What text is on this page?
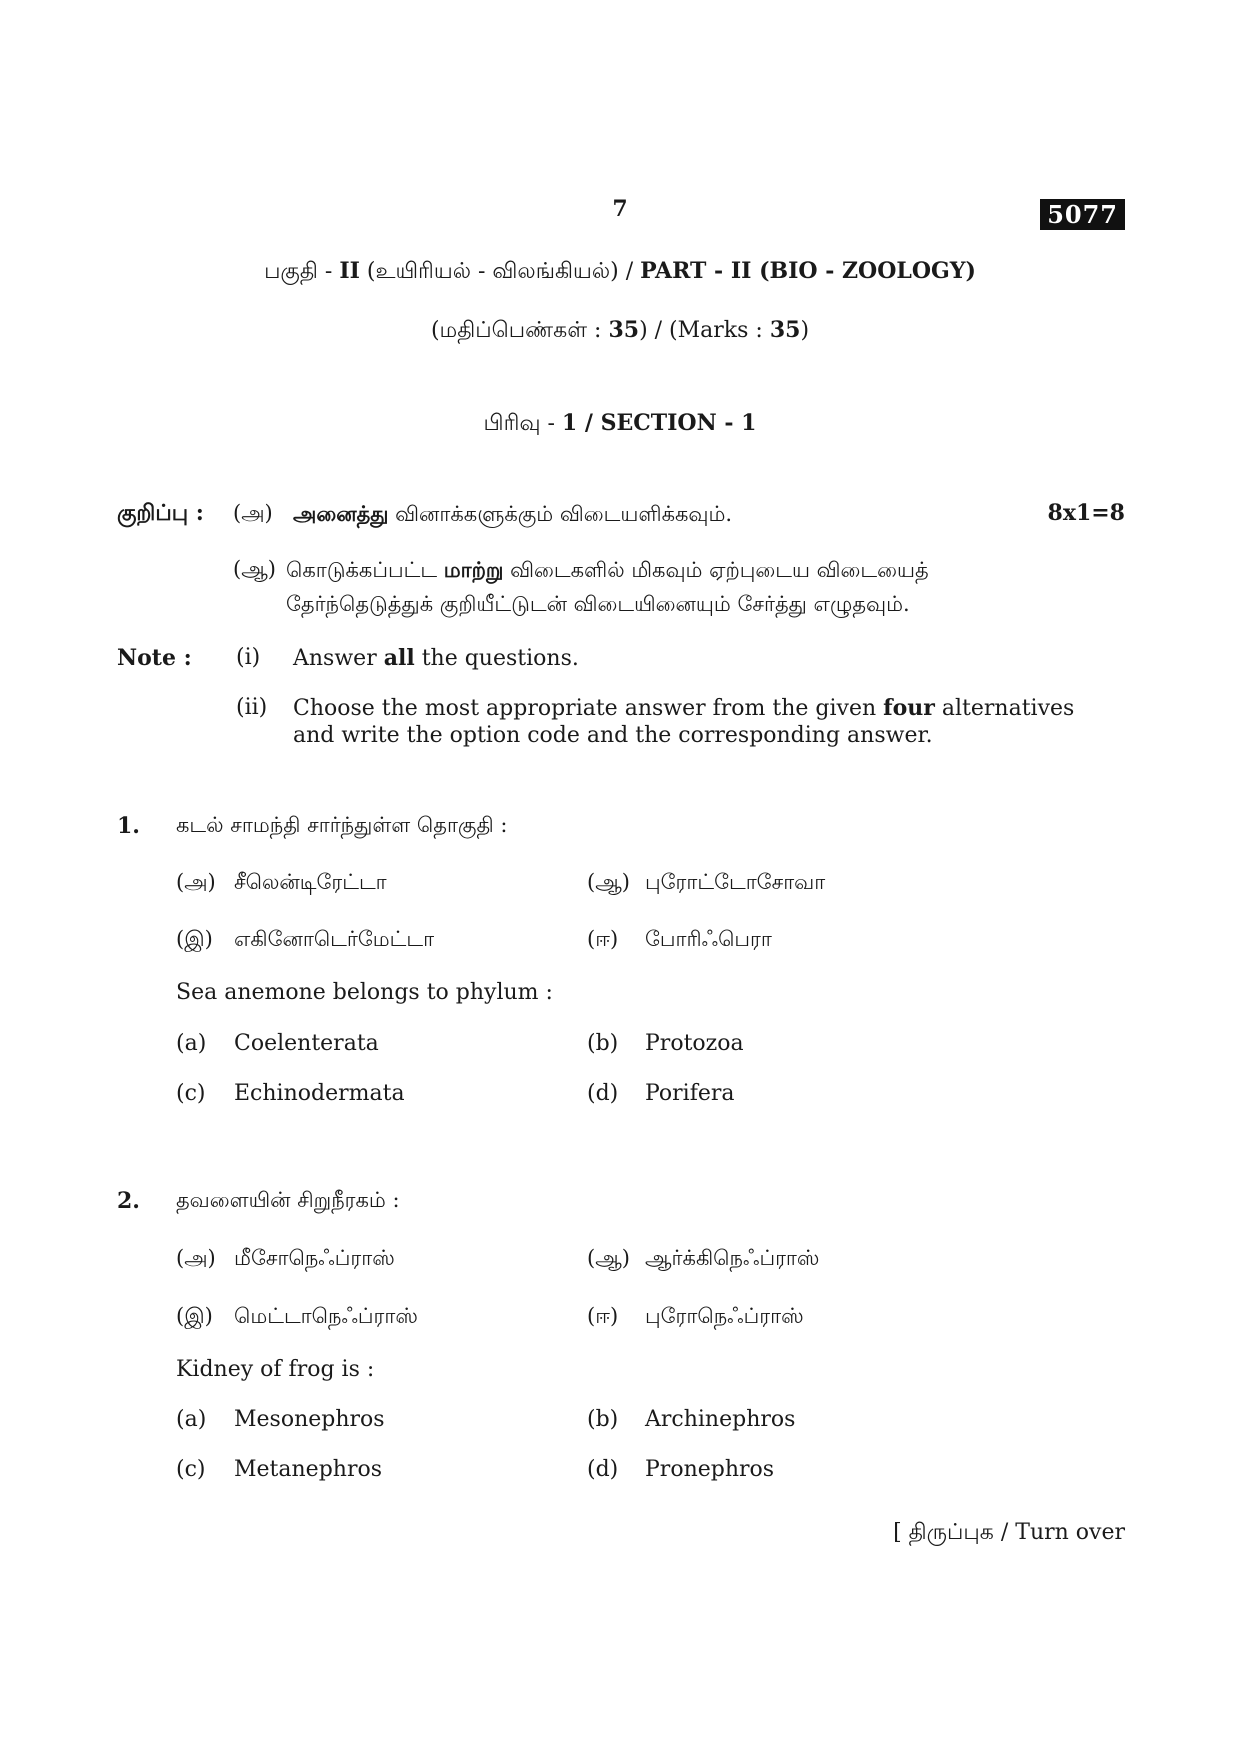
7	5077
பகுதி - II (உயிரியல் - விலங்கியல்) / PART - II (BIO - ZOOLOGY)
(மதிப்பெண்கள் : 35) / (Marks : 35)
பிரிவு - 1 / SECTION - 1
குறிப்பு : (அ) அனைத்து வினாக்களுக்கும் விடையளிக்கவும்.	8x1=8
(ஆ) கொடுக்கப்பட்ட மாற்று விடைகளில் மிகவும் ஏற்புடைய விடையைத்
தேர்ந்தெடுத்துக் குறியீட்டுடன் விடையினையும் சேர்த்து எழுதவும்.
Note : (i) Answer all the questions.
(ii) Choose the most appropriate answer from the given four alternatives
and write the option code and the corresponding answer.
1. கடல் சாமந்தி சார்ந்துள்ள தொகுதி :
(அ) சீலென்டிரேட்டா	(ஆ) புரோட்டோசோவா
(இ) எகினோடெர்மேட்டா	(ஈ) போரிஃபெரா
Sea anemone belongs to phylum :
(a) Coelenterata	(b) Protozoa
(c) Echinodermata	(d) Porifera
2. தவளையின் சிறுநீரகம் :
(அ) மீசோநெஃப்ராஸ்	(ஆ) ஆர்க்கிநெஃப்ராஸ்
(இ) மெட்டாநெஃப்ராஸ்	(ஈ) புரோநெஃப்ராஸ்
Kidney of frog is :
(a) Mesonephros	(b) Archinephros
(c) Metanephros	(d) Pronephros
[ திருப்புக / Turn over
